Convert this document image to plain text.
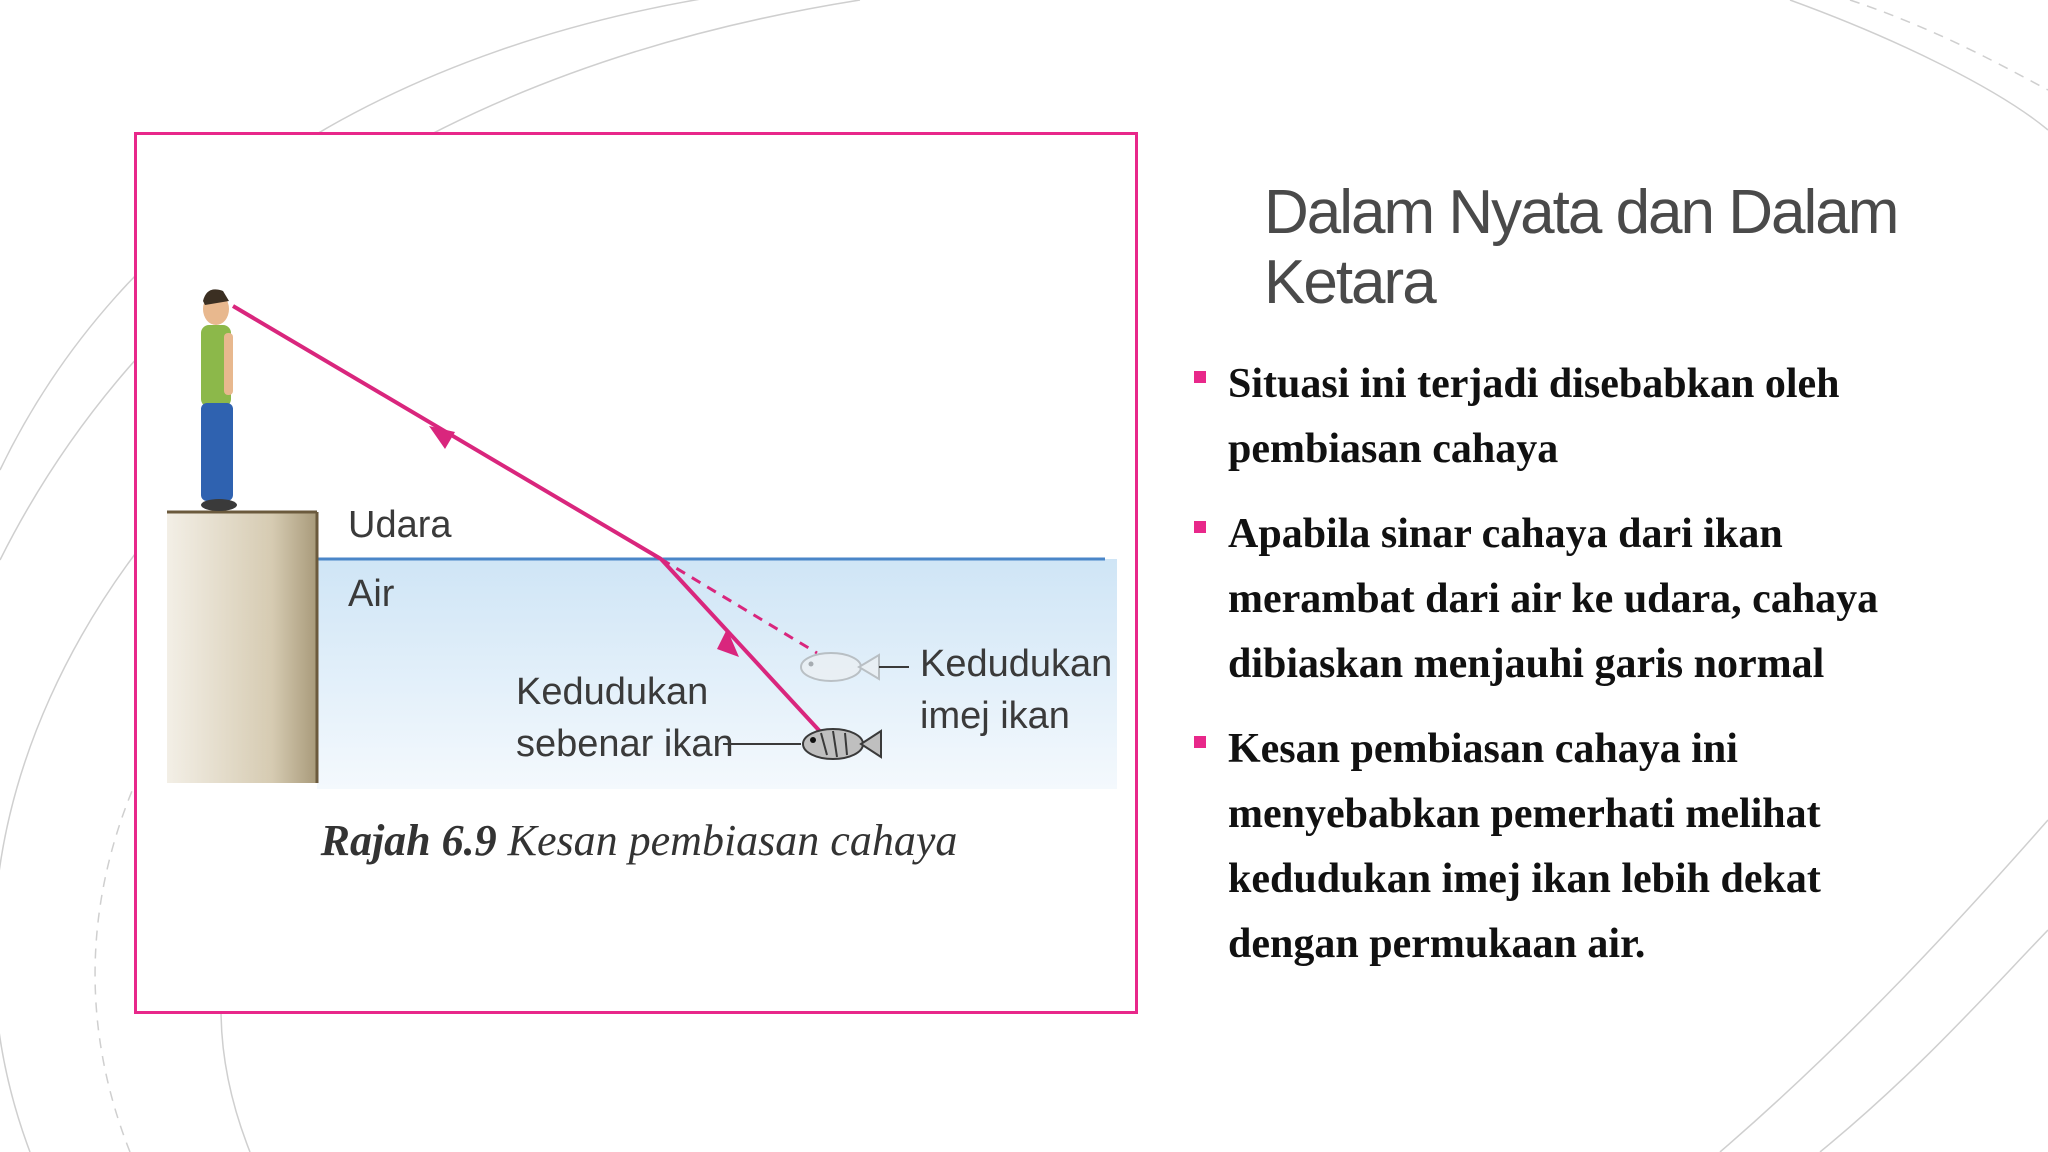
Udara
Air
Kedudukan
sebenar ikan
Kedudukan
imej ikan
Rajah 6.9 Kesan pembiasan cahaya
Dalam Nyata dan Dalam Ketara
Situasi ini terjadi disebabkan oleh pembiasan cahaya
Apabila sinar cahaya dari ikan merambat dari air ke udara, cahaya dibiaskan menjauhi garis normal
Kesan pembiasan cahaya ini menyebabkan pemerhati melihat kedudukan imej ikan lebih dekat dengan permukaan air.
